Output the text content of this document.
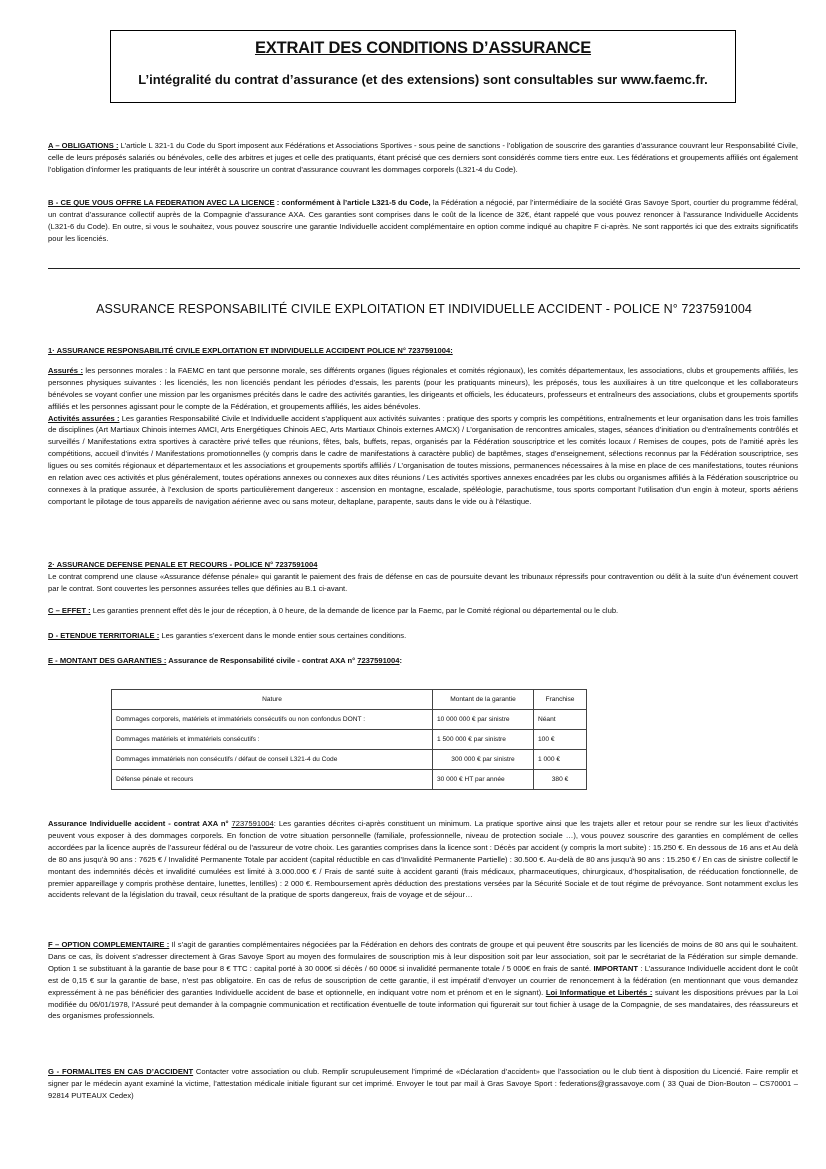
EXTRAIT DES CONDITIONS D’ASSURANCE
L’intégralité du contrat d’assurance (et des extensions) sont consultables sur www.faemc.fr.
A – OBLIGATIONS : L’article L 321-1 du Code du Sport imposent aux Fédérations et Associations Sportives - sous peine de sanctions - l’obligation de souscrire des garanties d’assurance couvrant leur Responsabilité Civile, celle de leurs préposés salariés ou bénévoles, celle des arbitres et juges et celle des pratiquants, étant précisé que ces derniers sont considérés comme tiers entre eux. Les fédérations et groupements affiliés ont également l’obligation d’informer les pratiquants de leur intérêt à souscrire un contrat d’assurance couvrant les dommages corporels (L321-4 du Code).
B - CE QUE VOUS OFFRE LA FEDERATION AVEC LA LICENCE : conformément à l’article L321-5 du Code, la Fédération a négocié, par l’intermédiaire de la société Gras Savoye Sport, courtier du programme fédéral, un contrat d’assurance collectif auprès de la Compagnie d’assurance AXA. Ces garanties sont comprises dans le coût de la licence de 32€, étant rappelé que vous pouvez renoncer à l’assurance Individuelle Accidents (L321-6 du Code). En outre, si vous le souhaitez, vous pouvez souscrire une garantie Individuelle accident complémentaire en option comme indiqué au chapitre F ci-après. Ne sont rapportés ici que des extraits significatifs pour les licenciés.
ASSURANCE RESPONSABILITÉ CIVILE EXPLOITATION ET INDIVIDUELLE ACCIDENT - POLICE N° 7237591004

1· ASSURANCE RESPONSABILITÉ CIVILE EXPLOITATION ET INDIVIDUELLE ACCIDENT POLICE N° 7237591004:

Assurés : les personnes morales : la FAEMC en tant que personne morale, ses différents organes (ligues régionales et comités régionaux), les comités départementaux, les associations, clubs et groupements affiliés, les personnes physiques suivantes : les licenciés, les non licenciés pendant les périodes d’essais, les parents (pour les pratiquants mineurs), les préposés, tous les auxiliaires à un titre quelconque et les collaborateurs bénévoles se voyant confier une mission par les organismes précités dans le cadre des activités garanties, les dirigeants et officiels, les éducateurs, professeurs et entraîneurs des associations, clubs et groupements sportifs affiliés et les personnes agissant pour le compte de la Fédération, et groupements affiliés, les aides bénévoles.

Activités assurées : Les garanties Responsabilité Civile et Individuelle accident s’appliquent aux activités suivantes : pratique des sports y compris les compétitions, entraînements et leur organisation dans les trois familles de disciplines (Art Martiaux Chinois internes AMCI, Arts Energétiques Chinois AEC, Arts Martiaux Chinois externes AMCX) / L’organisation de rencontres amicales, stages, séances d’initiation ou d’entraînements contrôlés et surveillés / Manifestations extra sportives à caractère privé telles que réunions, fêtes, bals, buffets, repas, organisés par la Fédération souscriptrice et les comités locaux / Remises de coupes, pots de l’amitié après les compétitions, accueil d’invités / Manifestations promotionnelles (y compris dans le cadre de manifestations à caractère public) de baptêmes, stages d’enseignement, sélections reconnus par la Fédération souscriptrice, ses ligues ou ses comités régionaux et départementaux et les associations et groupements sportifs affiliés / L’organisation de toutes missions, permanences nécessaires à la mise en place de ces manifestations, toutes réunions en relation avec ces activités et plus généralement, toutes opérations annexes ou connexes aux dites réunions / Les activités sportives annexes encadrées par les clubs ou organismes affiliés à la Fédération souscriptrice ou connexes à la pratique assurée, à l’exclusion de sports particulièrement dangereux : ascension en montagne, escalade, spéléologie, parachutisme, tous sports comportant l’utilisation d’un engin à moteur, sports aériens comportant le pilotage de tous appareils de navigation aérienne avec ou sans moteur, deltaplane, parapente, sauts dans le vide ou à l’élastique.

2· ASSURANCE DEFENSE PENALE ET RECOURS - POLICE N° 7237591004

Le contrat comprend une clause «Assurance défense pénale» qui garantit le paiement des frais de défense en cas de poursuite devant les tribunaux répressifs pour contravention ou délit à la suite d’un événement couvert par le contrat. Sont couvertes les personnes assurées telles que définies au B.1 ci-avant.

C – EFFET : Les garanties prennent effet dès le jour de réception, à 0 heure, de la demande de licence par la Faemc, par le Comité régional ou départemental ou le club.
D - ETENDUE TERRITORIALE : Les garanties s’exercent dans le monde entier sous certaines conditions.
E - MONTANT DES GARANTIES : Assurance de Responsabilité civile - contrat AXA n° 7237591004:
Nature	Montant de la garantie	Franchise
Dommages corporels, matériels et immatériels consécutifs ou non confondus DONT :	10 000 000 € par sinistre	Néant
Dommages matériels et immatériels consécutifs :	1 500 000 € par sinistre	100 €
Dommages immatériels non consécutifs / défaut de conseil L321-4 du Code	300 000 € par sinistre	1 000 €
Défense pénale et recours	30 000 € HT par année	380 €
Assurance Individuelle accident - contrat AXA n° 7237591004: Les garanties décrites ci-après constituent un minimum. La pratique sportive ainsi que les trajets aller et retour pour se rendre sur les lieux d’activités peuvent vous exposer à des dommages corporels. En fonction de votre situation personnelle (familiale, professionnelle, niveau de protection sociale …), vous pouvez souscrire des garanties en complément de celles accordées par la licence auprès de l’assureur fédéral ou de l’assureur de votre choix. Les garanties comprises dans la licence sont : Décès par accident (y compris la mort subite) : 15.250 €. En dessous de 16 ans et Au delà de 80 ans jusqu’à 90 ans : 7625 € / Invalidité Permanente Totale par accident (capital réductible en cas d’Invalidité Permanente Partielle) : 30.500 €. Au-delà de 80 ans jusqu’à 90 ans : 15.250 € / En cas de sinistre collectif le montant des indemnités décès et invalidité cumulées est limité à 3.000.000 € / Frais de santé suite à accident garanti (frais médicaux, pharmaceutiques, chirurgicaux, d’hospitalisation, de rééducation fonctionnelle, de premier appareillage y compris prothèse dentaire, lunettes, lentilles) : 2 000 €. Remboursement après déduction des prestations versées par la Sécurité Sociale et de tout régime de prévoyance. Sont notamment exclus les accidents relevant de la législation du travail, ceux résultant de la pratique de sports dangereux, frais de voyage et de séjour…
F – OPTION COMPLEMENTAIRE : Il s’agit de garanties complémentaires négociées par la Fédération en dehors des contrats de groupe et qui peuvent être souscrits par les licenciés de moins de 80 ans qui le souhaitent. Dans ce cas, ils doivent s’adresser directement à Gras Savoye Sport au moyen des formulaires de souscription mis à leur disposition soit par leur association, soit par le secrétariat de la Fédération sur simple demande. Option 1 se substituant à la garantie de base pour 8 € TTC : capital porté à 30 000€ si décès / 60 000€ si invalidité permanente totale / 5 000€ en frais de santé. IMPORTANT : L’assurance Individuelle accident dont le coût est de 0,15 € sur la garantie de base, n’est pas obligatoire. En cas de refus de souscription de cette garantie, il est impératif d’envoyer un courrier de renoncement à la fédération (en mentionnant que vous demandez expressément à ne pas bénéficier des garanties Individuelle accident de base et optionnelle, en indiquant votre nom et prénom et en le signant). Loi Informatique et Libertés : suivant les dispositions prévues par la Loi modifiée du 06/01/1978, l’Assuré peut demander à la compagnie communication et rectification éventuelle de toute information qui figurerait sur tout fichier à usage de la Compagnie, de ses mandataires, des réassureurs et des organismes professionnels.
G - FORMALITES EN CAS D’ACCIDENT Contacter votre association ou club. Remplir scrupuleusement l’imprimé de «Déclaration d’accident» que l’association ou le club tient à disposition du Licencié. Faire remplir et signer par le médecin ayant examiné la victime, l’attestation médicale initiale figurant sur cet imprimé. Envoyer le tout par mail à Gras Savoye Sport : federations@grassavoye.com ( 33 Quai de Dion-Bouton – CS70001 – 92814 PUTEAUX Cedex)
